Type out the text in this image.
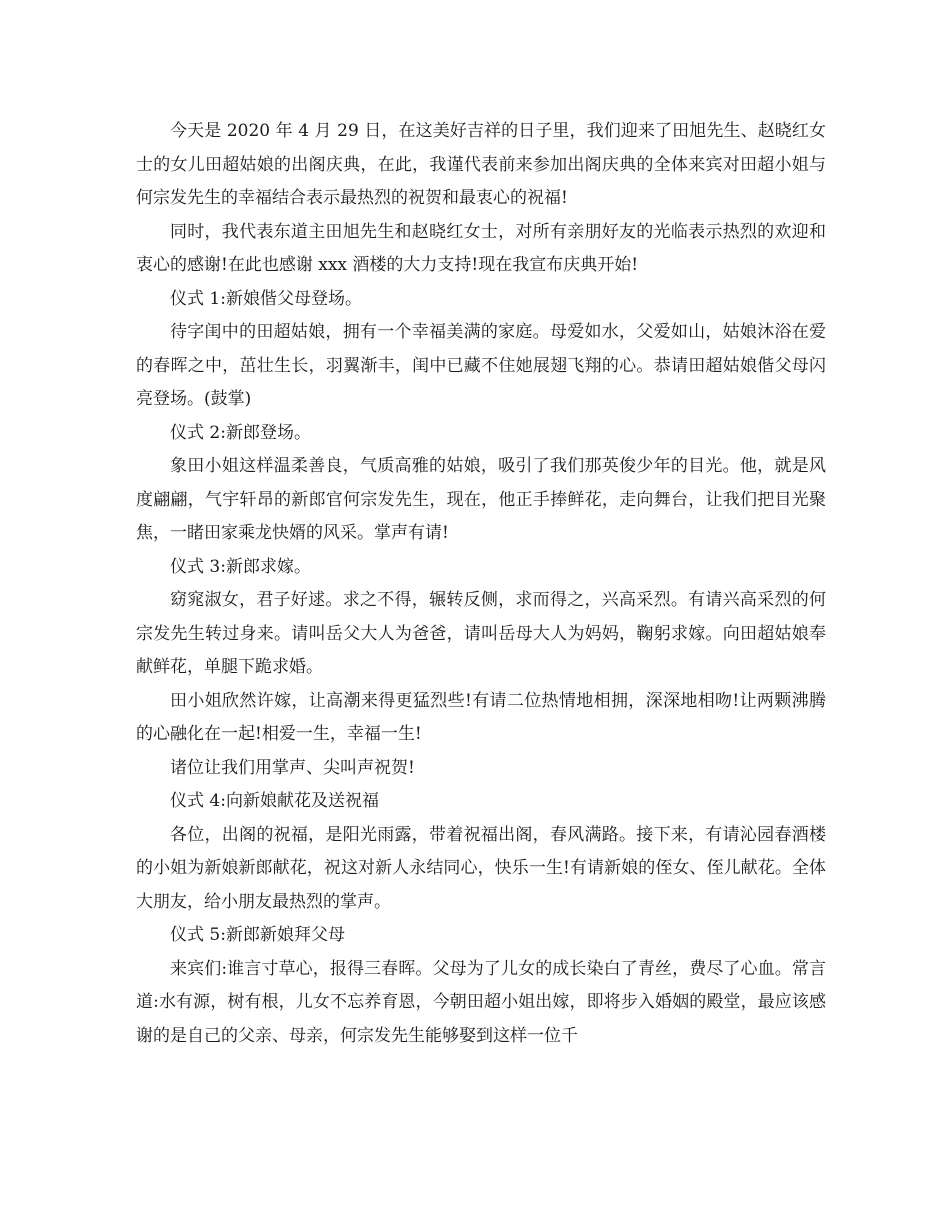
今天是 2020 年 4 月 29 日，在这美好吉祥的日子里，我们迎来了田旭先生、赵晓红女士的女儿田超姑娘的出阁庆典，在此，我谨代表前来参加出阁庆典的全体来宾对田超小姐与何宗发先生的幸福结合表示最热烈的祝贺和最衷心的祝福!

同时，我代表东道主田旭先生和赵晓红女士，对所有亲朋好友的光临表示热烈的欢迎和衷心的感谢!在此也感谢 xxx 酒楼的大力支持!现在我宣布庆典开始!

仪式 1:新娘偕父母登场。

待字闺中的田超姑娘，拥有一个幸福美满的家庭。母爱如水，父爱如山，姑娘沐浴在爱的春晖之中，茁壮生长，羽翼渐丰，闺中已藏不住她展翅飞翔的心。恭请田超姑娘偕父母闪亮登场。(鼓掌)

仪式 2:新郎登场。

象田小姐这样温柔善良，气质高雅的姑娘，吸引了我们那英俊少年的目光。他，就是风度翩翩，气宇轩昂的新郎官何宗发先生，现在，他正手捧鲜花，走向舞台，让我们把目光聚焦，一睹田家乘龙快婿的风采。掌声有请!

仪式 3:新郎求嫁。

窈窕淑女，君子好逑。求之不得，辗转反侧，求而得之，兴高采烈。有请兴高采烈的何宗发先生转过身来。请叫岳父大人为爸爸，请叫岳母大人为妈妈，鞠躬求嫁。向田超姑娘奉献鲜花，单腿下跪求婚。

田小姐欣然许嫁，让高潮来得更猛烈些!有请二位热情地相拥，深深地相吻!让两颗沸腾的心融化在一起!相爱一生，幸福一生!

诸位让我们用掌声、尖叫声祝贺!

仪式 4:向新娘献花及送祝福

各位，出阁的祝福，是阳光雨露，带着祝福出阁，春风满路。接下来，有请沁园春酒楼的小姐为新娘新郎献花，祝这对新人永结同心，快乐一生!有请新娘的侄女、侄儿献花。全体大朋友，给小朋友最热烈的掌声。

仪式 5:新郎新娘拜父母

来宾们:谁言寸草心，报得三春晖。父母为了儿女的成长染白了青丝，费尽了心血。常言道:水有源，树有根，儿女不忘养育恩，今朝田超小姐出嫁，即将步入婚姻的殿堂，最应该感谢的是自己的父亲、母亲，何宗发先生能够娶到这样一位千
